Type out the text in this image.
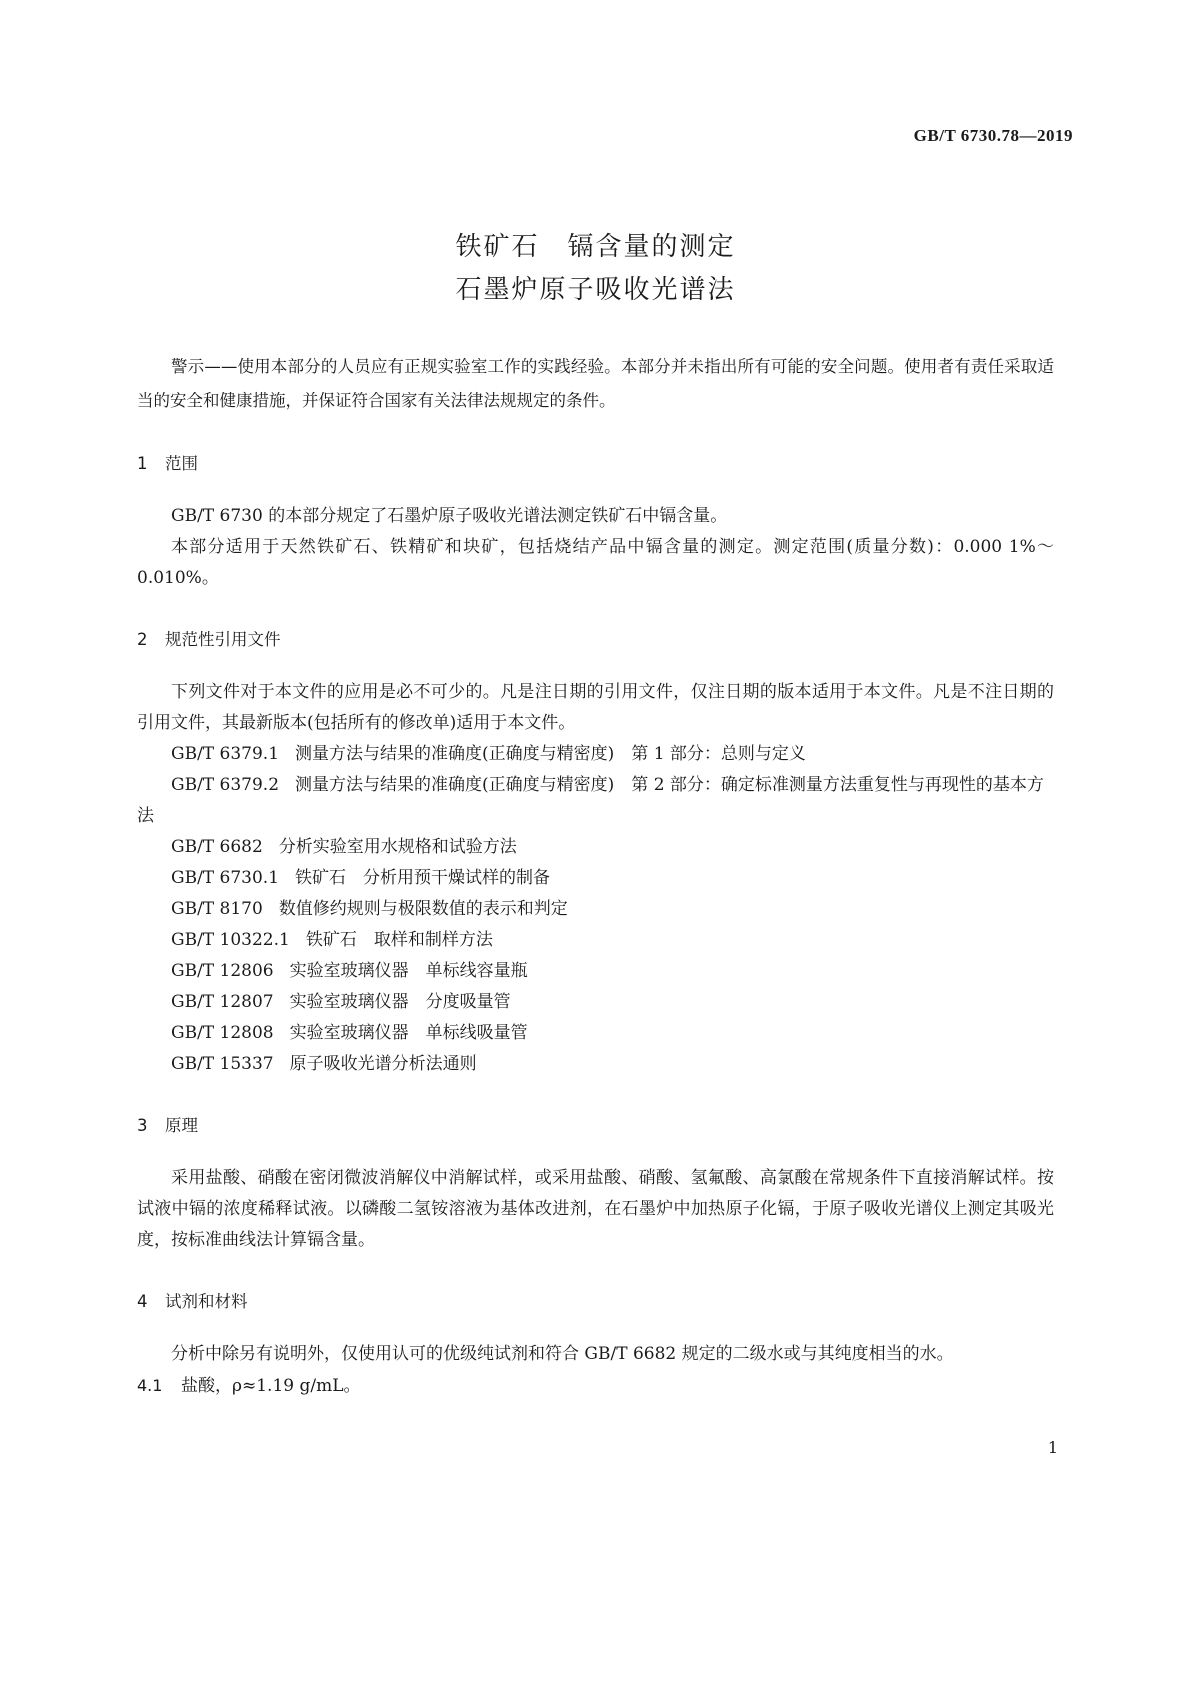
GB/T 6730.78—2019
铁矿石　镉含量的测定
石墨炉原子吸收光谱法

警示——使用本部分的人员应有正规实验室工作的实践经验。本部分并未指出所有可能的安全问题。使用者有责任采取适当的安全和健康措施，并保证符合国家有关法律法规规定的条件。

1 范围

GB/T 6730 的本部分规定了石墨炉原子吸收光谱法测定铁矿石中镉含量。

本部分适用于天然铁矿石、铁精矿和块矿，包括烧结产品中镉含量的测定。测定范围(质量分数)：0.000 1%～0.010%。

2 规范性引用文件

下列文件对于本文件的应用是必不可少的。凡是注日期的引用文件，仅注日期的版本适用于本文件。凡是不注日期的引用文件，其最新版本(包括所有的修改单)适用于本文件。

GB/T 6379.1 测量方法与结果的准确度(正确度与精密度)　第 1 部分：总则与定义

GB/T 6379.2 测量方法与结果的准确度(正确度与精密度)　第 2 部分：确定标准测量方法重复性与再现性的基本方法

GB/T 6682 分析实验室用水规格和试验方法

GB/T 6730.1 铁矿石　分析用预干燥试样的制备

GB/T 8170 数值修约规则与极限数值的表示和判定

GB/T 10322.1 铁矿石　取样和制样方法

GB/T 12806 实验室玻璃仪器　单标线容量瓶

GB/T 12807 实验室玻璃仪器　分度吸量管

GB/T 12808 实验室玻璃仪器　单标线吸量管

GB/T 15337 原子吸收光谱分析法通则

3 原理

采用盐酸、硝酸在密闭微波消解仪中消解试样，或采用盐酸、硝酸、氢氟酸、高氯酸在常规条件下直接消解试样。按试液中镉的浓度稀释试液。以磷酸二氢铵溶液为基体改进剂，在石墨炉中加热原子化镉，于原子吸收光谱仪上测定其吸光度，按标准曲线法计算镉含量。

4 试剂和材料

分析中除另有说明外，仅使用认可的优级纯试剂和符合 GB/T 6682 规定的二级水或与其纯度相当的水。

4.1 盐酸，ρ≈1.19 g/mL。

1
